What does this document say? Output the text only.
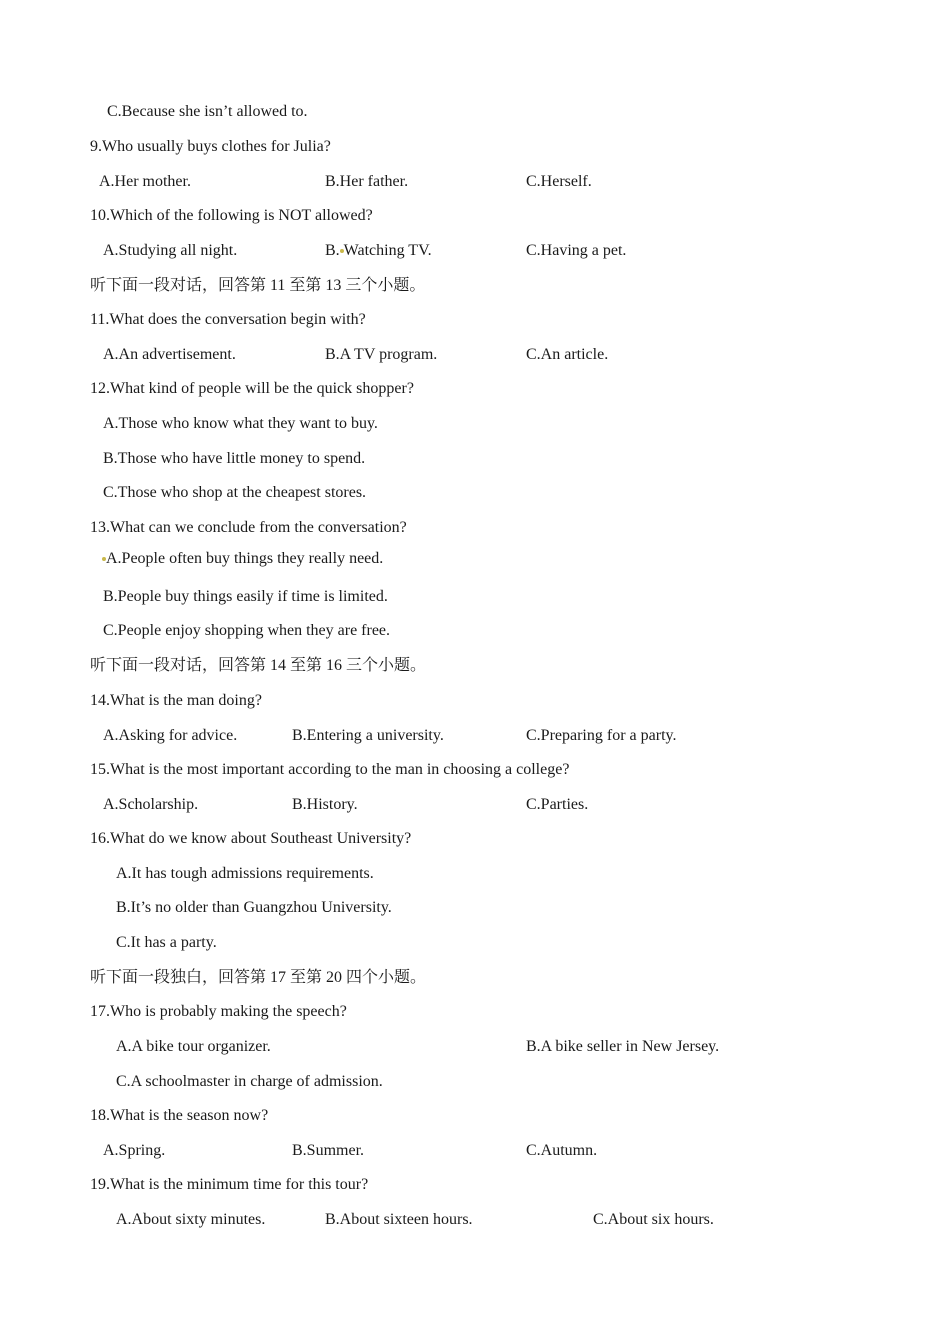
C.Because she isn’t allowed to.
9.Who usually buys clothes for Julia?
A.Her mother.	B.Her father.	C.Herself.
10.Which of the following is NOT allowed?
A.Studying all night.	B. Watching TV.	C.Having a pet.
听下面一段对话，回答第 11 至第 13 三个小题。
11.What does the conversation begin with?
A.An advertisement.	B.A TV program.	C.An article.
12.What kind of people will be the quick shopper?
A.Those who know what they want to buy.
B.Those who have little money to spend.
C.Those who shop at the cheapest stores.
13.What can we conclude from the conversation?
A.People often buy things they really need.
B.People buy things easily if time is limited.
C.People enjoy shopping when they are free.
听下面一段对话，回答第 14 至第 16 三个小题。
14.What is the man doing?
A.Asking for advice.	B.Entering a university.	C.Preparing for a party.
15.What is the most important according to the man in choosing a college?
A.Scholarship.	B.History.	C.Parties.
16.What do we know about Southeast University?
A.It has tough admissions requirements.
B.It’s no older than Guangzhou University.
C.It has a party.
听下面一段独白，回答第 17 至第 20 四个小题。
17.Who is probably making the speech?
A.A bike tour organizer.	B.A bike seller in New Jersey.
C.A schoolmaster in charge of admission.
18.What is the season now?
A.Spring.	B.Summer.	C.Autumn.
19.What is the minimum time for this tour?
A.About sixty minutes.	B.About sixteen hours.	C.About six hours.
